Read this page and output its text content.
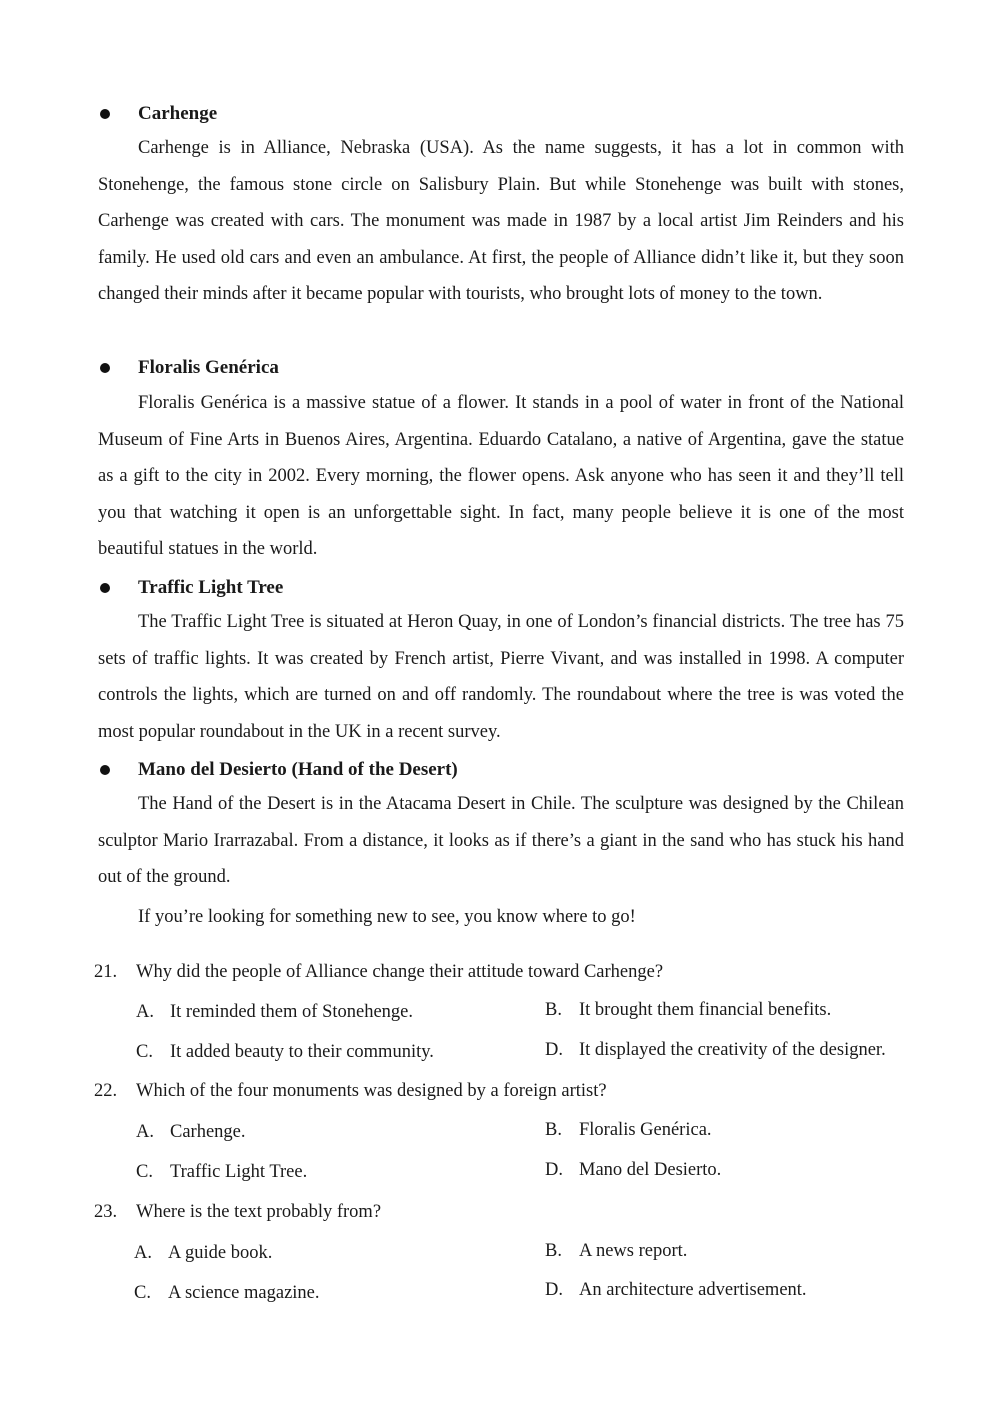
Carhenge

Carhenge is in Alliance, Nebraska (USA). As the name suggests, it has a lot in common with Stonehenge, the famous stone circle on Salisbury Plain. But while Stonehenge was built with stones, Carhenge was created with cars. The monument was made in 1987 by a local artist Jim Reinders and his family. He used old cars and even an ambulance. At first, the people of Alliance didn’t like it, but they soon changed their minds after it became popular with tourists, who brought lots of money to the town.

Floralis Genérica

Floralis Genérica is a massive statue of a flower. It stands in a pool of water in front of the National Museum of Fine Arts in Buenos Aires, Argentina. Eduardo Catalano, a native of Argentina, gave the statue as a gift to the city in 2002. Every morning, the flower opens. Ask anyone who has seen it and they’ll tell you that watching it open is an unforgettable sight. In fact, many people believe it is one of the most beautiful statues in the world.

Traffic Light Tree

The Traffic Light Tree is situated at Heron Quay, in one of London’s financial districts. The tree has 75 sets of traffic lights. It was created by French artist, Pierre Vivant, and was installed in 1998. A computer controls the lights, which are turned on and off randomly. The roundabout where the tree is was voted the most popular roundabout in the UK in a recent survey.

Mano del Desierto (Hand of the Desert)

The Hand of the Desert is in the Atacama Desert in Chile. The sculpture was designed by the Chilean sculptor Mario Irarrazabal. From a distance, it looks as if there’s a giant in the sand who has stuck his hand out of the ground.

If you’re looking for something new to see, you know where to go!
21. Why did the people of Alliance change their attitude toward Carhenge?
A. It reminded them of Stonehenge.	B. It brought them financial benefits.
C. It added beauty to their community.	D. It displayed the creativity of the designer.
22. Which of the four monuments was designed by a foreign artist?
A. Carhenge.	B. Floralis Genérica.
C. Traffic Light Tree.	D. Mano del Desierto.
23. Where is the text probably from?
A. A guide book.	B. A news report.
C. A science magazine.	D. An architecture advertisement.
